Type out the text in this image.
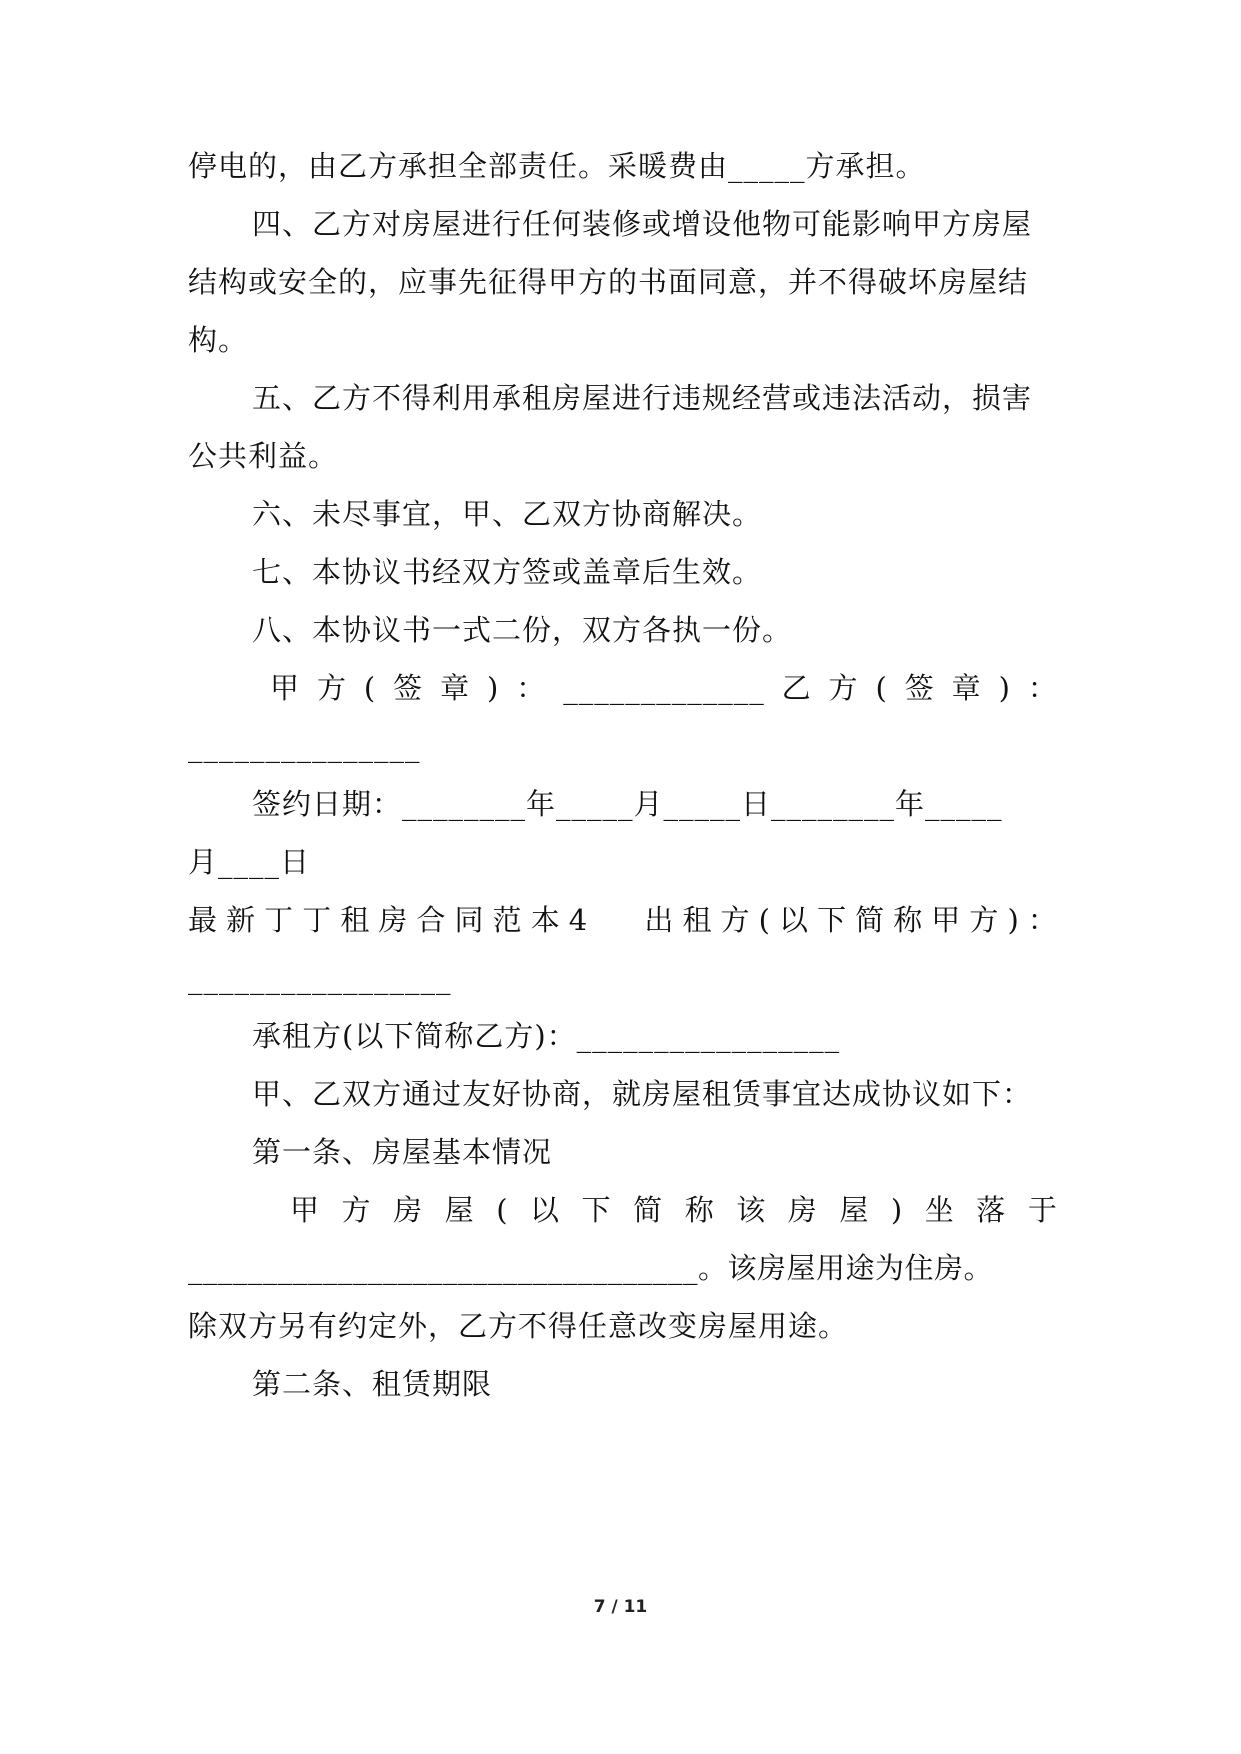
停电的，由乙方承担全部责任。采暖费由_____方承担。
四、乙方对房屋进行任何装修或增设他物可能影响甲方房屋
结构或安全的，应事先征得甲方的书面同意，并不得破坏房屋结
构。
五、乙方不得利用承租房屋进行违规经营或违法活动，损害
公共利益。
六、未尽事宜，甲、乙双方协商解决。
七、本协议书经双方签或盖章后生效。
八、本协议书一式二份，双方各执一份。
甲 方 ( 签 章 ) ： _____________ 乙 方 ( 签 章 ) ：
_______________
签约日期：________年_____月_____日________年_____
月____日
最 新 丁 丁 租 房 合 同 范 本 4 出 租 方 ( 以 下 简 称 甲 方 ) ：
_________________
承租方(以下简称乙方)：_________________
甲、乙双方通过友好协商，就房屋租赁事宜达成协议如下：
第一条、房屋基本情况
甲 方 房 屋 ( 以 下 简 称 该 房 屋 ) 坐 落 于
__________________________________。该房屋用途为住房。
除双方另有约定外，乙方不得任意改变房屋用途。
第二条、租赁期限
7 / 11
